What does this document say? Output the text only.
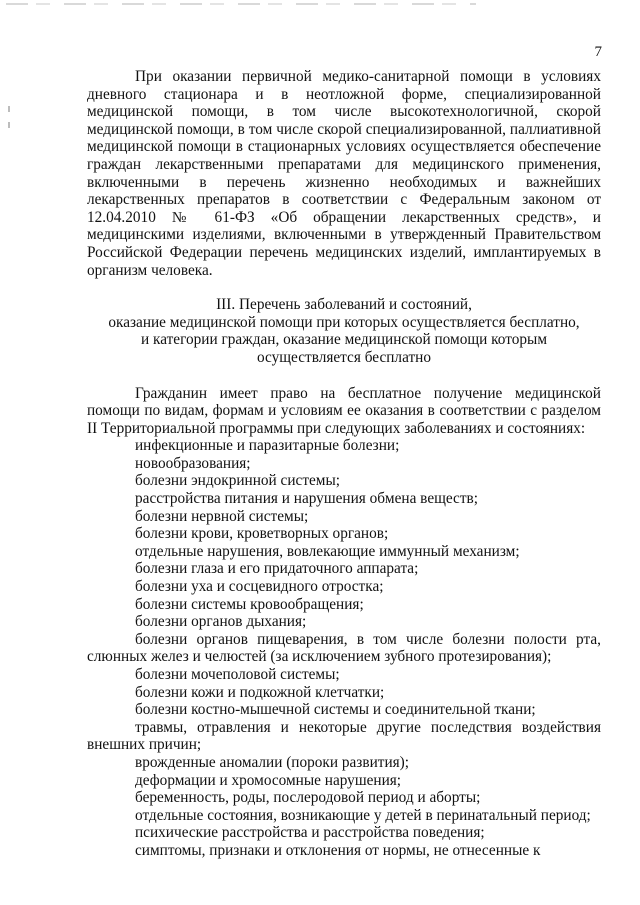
7

При оказании первичной медико-санитарной помощи в условиях дневного стационара и в неотложной форме, специализированной медицинской помощи, в том числе высокотехнологичной, скорой медицинской помощи, в том числе скорой специализированной, паллиативной медицинской помощи в стационарных условиях осуществляется обеспечение граждан лекарственными препаратами для медицинского применения, включенными в перечень жизненно необходимых и важнейших лекарственных препаратов в соответствии с Федеральным законом от 12.04.2010 № 61-ФЗ «Об обращении лекарственных средств», и медицинскими изделиями, включенными в утвержденный Правительством Российской Федерации перечень медицинских изделий, имплантируемых в организм человека.

III. Перечень заболеваний и состояний,
оказание медицинской помощи при которых осуществляется бесплатно,
и категории граждан, оказание медицинской помощи которым
осуществляется бесплатно

Гражданин имеет право на бесплатное получение медицинской помощи по видам, формам и условиям ее оказания в соответствии с разделом II Территориальной программы при следующих заболеваниях и состояниях:

инфекционные и паразитарные болезни;

новообразования;

болезни эндокринной системы;

расстройства питания и нарушения обмена веществ;

болезни нервной системы;

болезни крови, кроветворных органов;

отдельные нарушения, вовлекающие иммунный механизм;

болезни глаза и его придаточного аппарата;

болезни уха и сосцевидного отростка;

болезни системы кровообращения;

болезни органов дыхания;

болезни органов пищеварения, в том числе болезни полости рта, слюнных желез и челюстей (за исключением зубного протезирования);

болезни мочеполовой системы;

болезни кожи и подкожной клетчатки;

болезни костно-мышечной системы и соединительной ткани;

травмы, отравления и некоторые другие последствия воздействия внешних причин;

врожденные аномалии (пороки развития);

деформации и хромосомные нарушения;

беременность, роды, послеродовой период и аборты;

отдельные состояния, возникающие у детей в перинатальный период;

психические расстройства и расстройства поведения;

симптомы, признаки и отклонения от нормы, не отнесенные к
